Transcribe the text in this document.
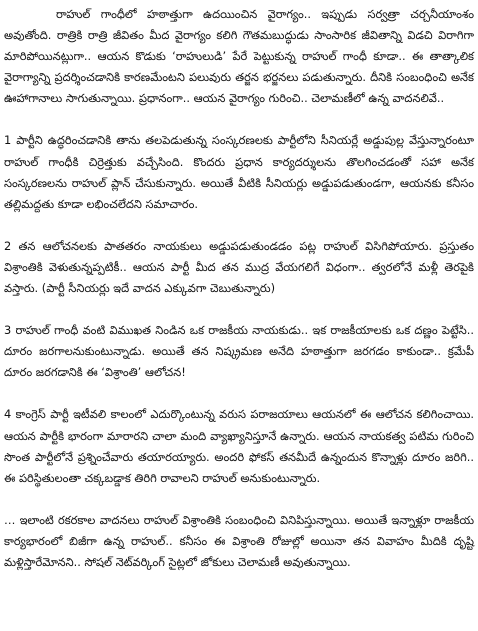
రాహుల్ గాంధీలో హఠాత్తుగా ఉదయించిన వైరాగ్యం.. ఇప్పుడు సర్వత్రా చర్చనీయాంశం అవుతోంది. రాత్రికి రాత్రి జీవితం మీద వైరాగ్యం కలిగి గౌతమబుద్ధుడు సాంసారిక జీవితాన్ని విడచి విరాగిగా మారిపోయినట్లుగా.. ఆయన కొడుకు ‘రాహులుడి’ పేరే పెట్టుకున్న రాహుల్ గాంధీ కూడా.. ఈ తాత్కాలిక వైరాగ్యాన్ని ప్రదర్శించడానికి కారణమేంటని పలువురు తర్జన భర్జనలు పడుతున్నారు. దీనికి సంబంధించి అనేక ఊహాగానాలు సాగుతున్నాయి. ప్రధానంగా.. ఆయన వైరాగ్యం గురించి.. చెలామణీలో ఉన్న వాదనలివే..

1 పార్టీని ఉద్ధరించడానికి తాను తలపెడుతున్న సంస్కరణలకు పార్టీలోని సీనియర్లే అడ్డుపుల్ల వేస్తున్నారంటూ రాహుల్ గాంధీకి చిర్రెత్తుకు వచ్చేసింది. కొందరు ప్రధాన కార్యదర్శులను తొలగించడంతో సహా అనేక సంస్కరణలను రాహుల్ ప్లాన్ చేసుకున్నారు. అయితే వీటికి సీనియర్లు అడ్డుపడుతుండగా, ఆయనకు కనీసం తల్లిమద్దతు కూడా లభించలేదని సమాచారం.

2 తన ఆలోచనలకు పాతతరం నాయకులు అడ్డుపడుతుండడం పట్ల రాహుల్ విసిగిపోయారు. ప్రస్తుతం విశ్రాంతికి వెళుతున్నప్పటికీ.. ఆయన పార్టీ మీద తన ముద్ర వేయగలిగే విధంగా.. త్వరలోనే మళ్లీ తెరపైకి వస్తారు. (పార్టీ సీనియర్లు ఇదే వాదన ఎక్కువగా చెబుతున్నారు)

3 రాహుల్ గాంధీ వంటి విముఖత నిండిన ఒక రాజకీయ నాయకుడు.. ఇక రాజకీయాలకు ఒక దణ్ణం పెట్టేసి.. దూరం జరగాలనుకుంటున్నాడు. అయితే తన నిష్క్రమణ అనేది హఠాత్తుగా జరగడం కాకుండా.. క్రమేపీ దూరం జరగడానికి ఈ ‘విశ్రాంతి’ ఆలోచన!

4 కాంగ్రెస్ పార్టీ ఇటీవలి కాలంలో ఎదుర్కొంటున్న వరుస పరాజయాలు ఆయనలో ఈ ఆలోచన కలిగించాయి. ఆయన పార్టీకి భారంగా మారారని చాలా మంది వ్యాఖ్యానిస్తూనే ఉన్నారు. ఆయన నాయకత్వ పటిమ గురించి సొంత పార్టీలోనే ప్రశ్నించేవారు తయారయ్యారు. అందరి ఫోకస్ తనమీదే ఉన్నందున కొన్నాళ్లు దూరం జరిగి.. ఈ పరిస్థితులంతా చక్కబడ్డాక తిరిగి రావాలని రాహుల్ అనుకుంటున్నారు.

… ఇలాంటి రకరకాల వాదనలు రాహుల్ విశ్రాంతికి సంబంధించి వినిపిస్తున్నాయి. అయితే ఇన్నాళ్లూ రాజకీయ కార్యభారంలో బిజీగా ఉన్న రాహుల్.. కనీసం ఈ విశ్రాంతి రోజుల్లో అయినా తన వివాహం మీదికి దృష్టి మళ్లిస్తారేమోనని.. సోషల్ నెట్‌వర్కింగ్ సైట్లలో జోకులు చెలామణీ అవుతున్నాయి.
